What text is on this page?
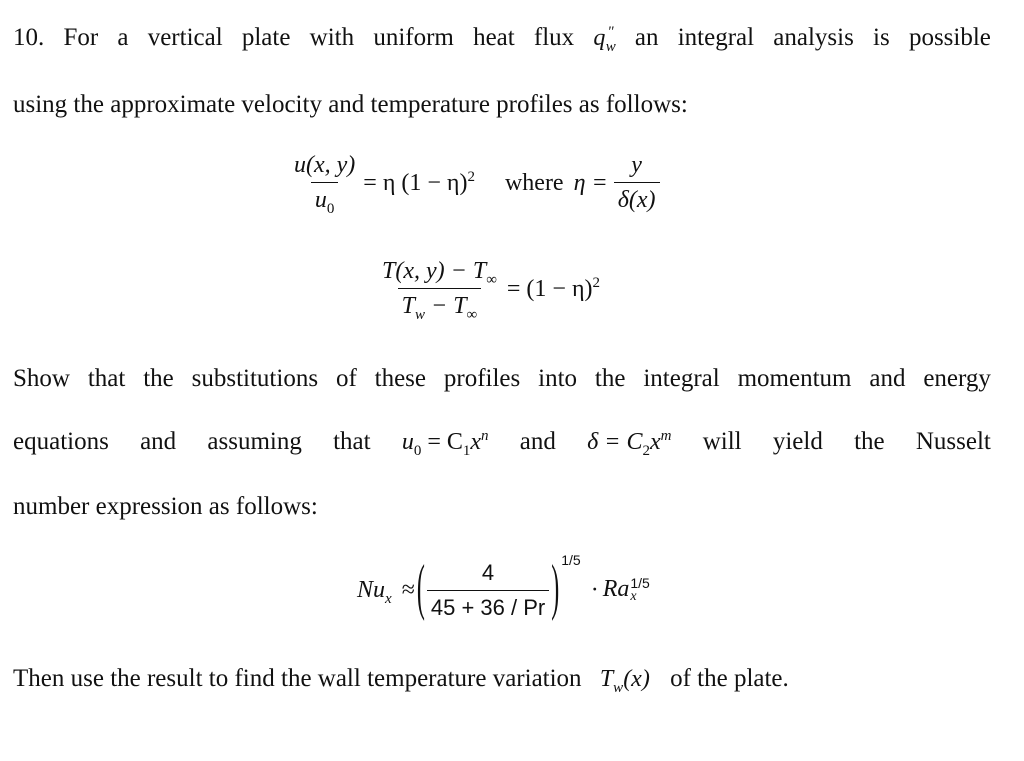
10. For a vertical plate with uniform heat flux q "$_w$ an integral analysis is possible
using the approximate velocity and temperature profiles as follows:
$\frac{u(x, y)}{u_0} = \eta$ $(1 - \eta)^2$ where $\eta = \frac{y}{\delta(x)}$
$\frac{T(x, y) - T_\infty}{T_w - T_\infty} = (1 - \eta)^2$
Show that the substitutions of these profiles into the integral momentum and energy
equations and assuming that $u_0 = C_1x^n$ and $\delta = C_2x^m$ will yield the Nusselt
number expression as follows:
$Nu_x$ ≈ ( $\frac{4}{45 + 36 / Pr}$ ) 1/5
· Ra 1/5
x
Then use the result to find the wall temperature variation $T_w(x)$ of the plate.
